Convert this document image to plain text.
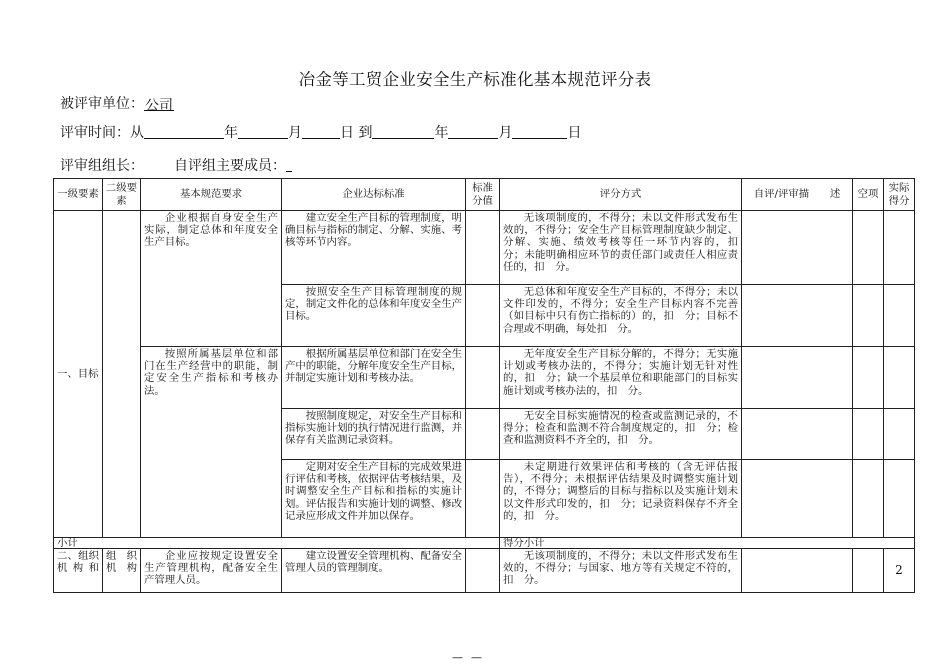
冶金等工贸企业安全生产标准化基本规范评分表
被评审单位：公司
评审时间：从	年	月	日 到	年	月	日
评审组组长： 自评组主要成员：
一级要素	二级要素	基本规范要求	企业达标标准	标准分值	评分方式	自评/评审描　　述	空项	实际得分
一、目标		企业根据自身安全生产实际，制定总体和年度安全生产目标。	建立安全生产目标的管理制度，明确目标与指标的制定、分解、实施、考核等环节内容。		无该项制度的，不得分；未以文件形式发布生效的，不得分；安全生产目标管理制度缺少制定、分解、实施、绩效考核等任一环节内容的，扣　分；未能明确相应环节的责任部门或责任人相应责任的，扣　分。			
			按照安全生产目标管理制度的规定，制定文件化的总体和年度安全生产目标。		无总体和年度安全生产目标的，不得分；未以文件印发的，不得分；安全生产目标内容不完善（如目标中只有伤亡指标的）的，扣　分；目标不合理或不明确，每处扣　分。			
		按照所属基层单位和部门在生产经营中的职能，制定安全生产指标和考核办法。	根据所属基层单位和部门在安全生产中的职能，分解年度安全生产目标，并制定实施计划和考核办法。		无年度安全生产目标分解的，不得分；无实施计划或考核办法的，不得分；实施计划无针对性的，扣　分；缺一个基层单位和职能部门的目标实施计划或考核办法的，扣　分。			
			按照制度规定，对安全生产目标和指标实施计划的执行情况进行监测，并保存有关监测记录资料。		无安全目标实施情况的检查或监测记录的，不得分；检查和监测不符合制度规定的，扣　分；检查和监测资料不齐全的，扣　分。			
			定期对安全生产目标的完成效果进行评估和考核，依据评估考核结果，及时调整安全生产目标和指标的实施计划。评估报告和实施计划的调整、修改记录应形成文件并加以保存。		未定期进行效果评估和考核的（含无评估报告），不得分；未根据评估结果及时调整实施计划的，不得分；调整后的目标与指标以及实施计划未以文件形式印发的，扣　分；记录资料保存不齐全的，扣　分。			
小计					得分小计			
二、组织机构和	组织机构	企业应按规定设置安全生产管理机构，配备安全生产管理人员。	建立设置安全管理机构、配备安全管理人员的管理制度。		无该项制度的，不得分；未以文件形式发布生效的，不得分；与国家、地方等有关规定不符的，扣　分。			2
——
